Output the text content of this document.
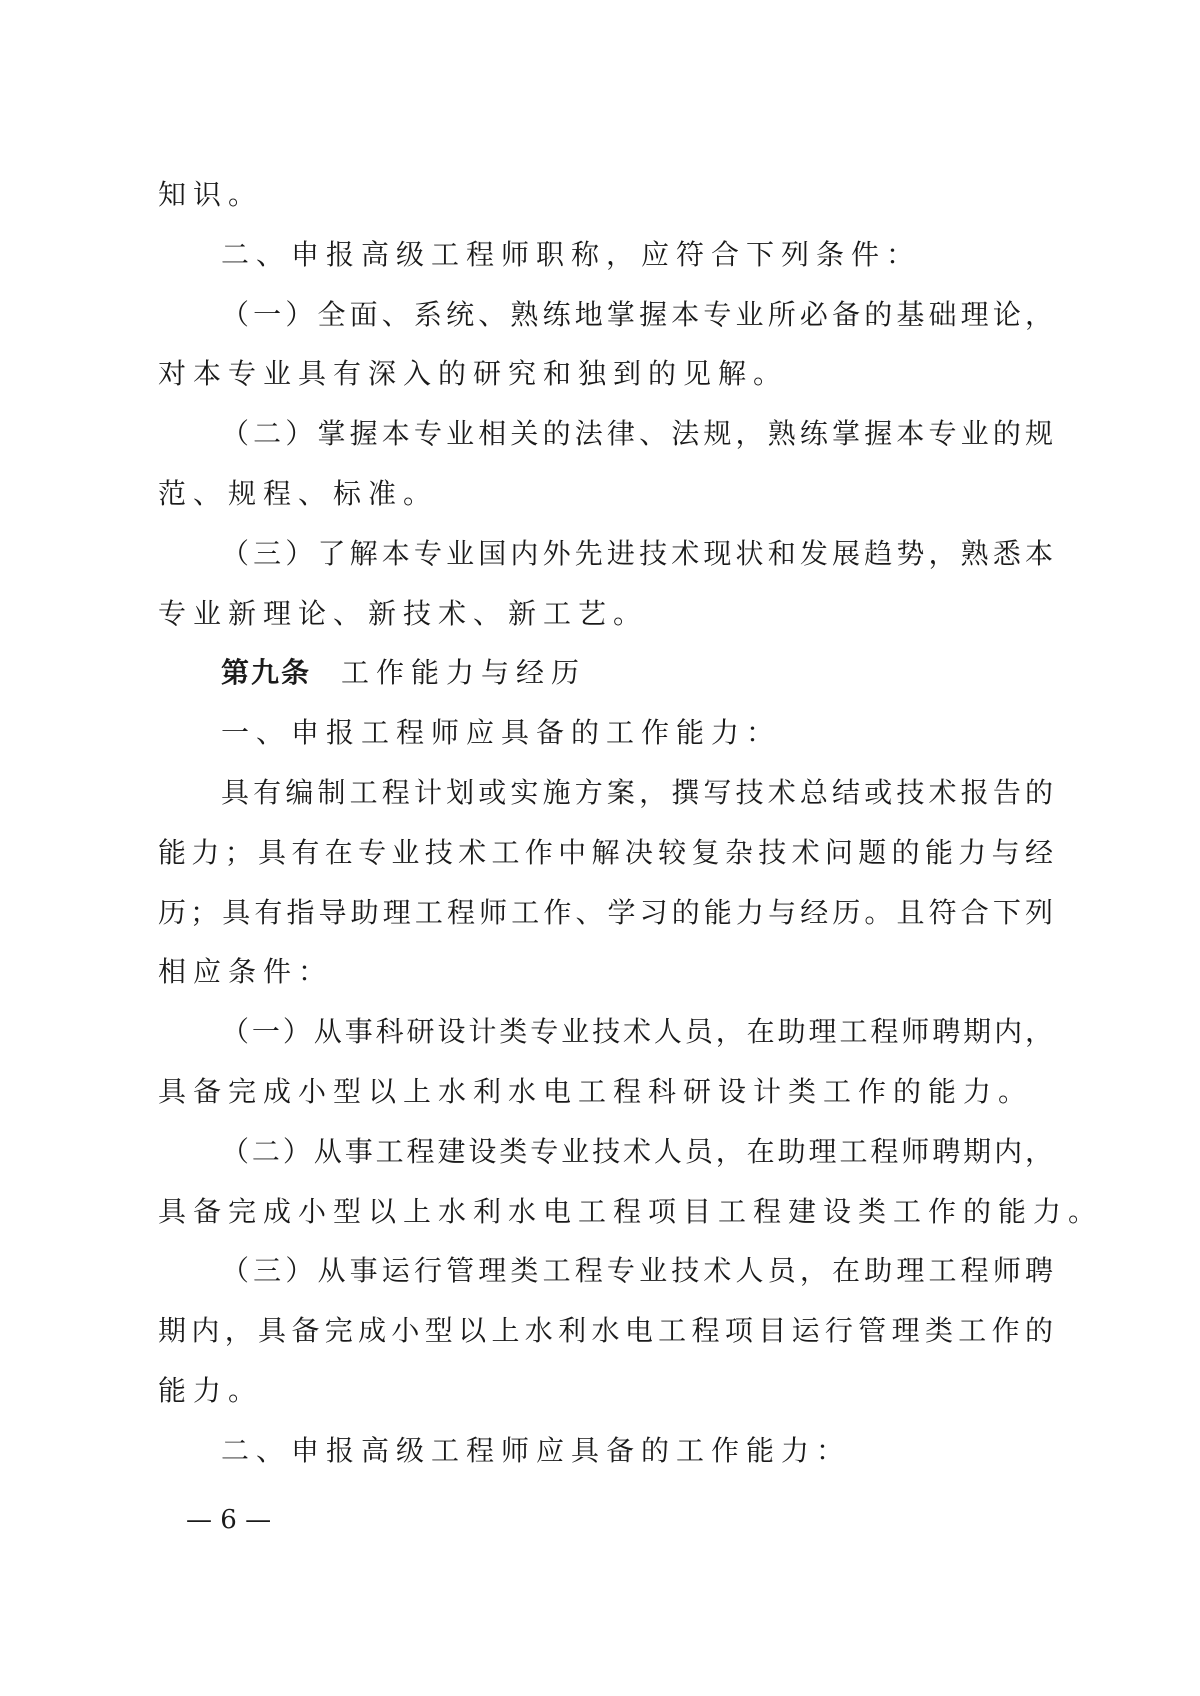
知识。
二、申报高级工程师职称，应符合下列条件：
（一）全面、系统、熟练地掌握本专业所必备的基础理论，
对本专业具有深入的研究和独到的见解。
（二）掌握本专业相关的法律、法规，熟练掌握本专业的规
范、规程、标准。
（三）了解本专业国内外先进技术现状和发展趋势，熟悉本
专业新理论、新技术、新工艺。
第九条 工作能力与经历
一、申报工程师应具备的工作能力：
具有编制工程计划或实施方案，撰写技术总结或技术报告的
能力；具有在专业技术工作中解决较复杂技术问题的能力与经
历；具有指导助理工程师工作、学习的能力与经历。且符合下列
相应条件：
（一）从事科研设计类专业技术人员，在助理工程师聘期内，
具备完成小型以上水利水电工程科研设计类工作的能力。
（二）从事工程建设类专业技术人员，在助理工程师聘期内，
具备完成小型以上水利水电工程项目工程建设类工作的能力。
（三）从事运行管理类工程专业技术人员，在助理工程师聘
期内，具备完成小型以上水利水电工程项目运行管理类工作的
能力。
二、申报高级工程师应具备的工作能力：
— 6 —
